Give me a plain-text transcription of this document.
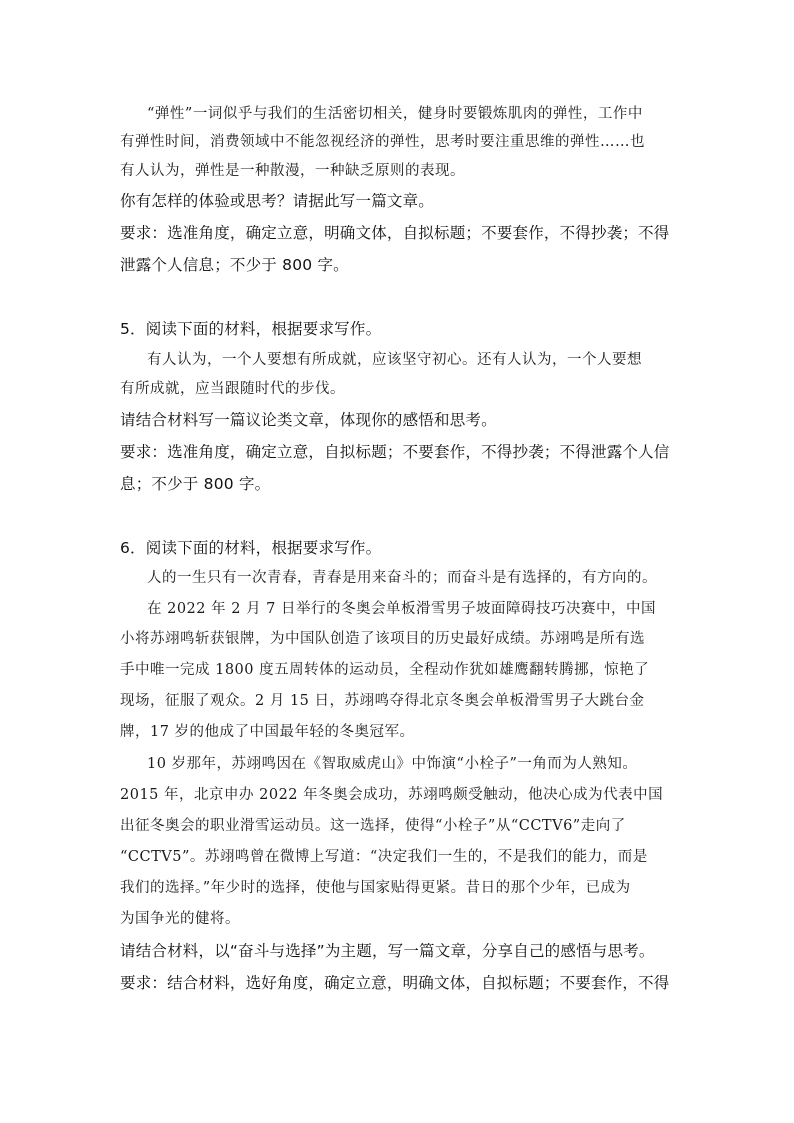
“弹性”一词似乎与我们的生活密切相关，健身时要锻炼肌肉的弹性，工作中

有弹性时间，消费领域中不能忽视经济的弹性，思考时要注重思维的弹性……也

有人认为，弹性是一种散漫，一种缺乏原则的表现。

你有怎样的体验或思考？请据此写一篇文章。

要求：选准角度，确定立意，明确文体，自拟标题；不要套作，不得抄袭；不得

泄露个人信息；不少于 800 字。

5．阅读下面的材料，根据要求写作。

有人认为，一个人要想有所成就，应该坚守初心。还有人认为，一个人要想

有所成就，应当跟随时代的步伐。

请结合材料写一篇议论类文章，体现你的感悟和思考。

要求：选准角度，确定立意，自拟标题；不要套作，不得抄袭；不得泄露个人信

息；不少于 800 字。

6．阅读下面的材料，根据要求写作。

人的一生只有一次青春，青春是用来奋斗的；而奋斗是有选择的，有方向的。

在 2022 年 2 月 7 日举行的冬奥会单板滑雪男子坡面障碍技巧决赛中，中国

小将苏翊鸣斩获银牌，为中国队创造了该项目的历史最好成绩。苏翊鸣是所有选

手中唯一完成 1800 度五周转体的运动员，全程动作犹如雄鹰翻转腾挪，惊艳了

现场，征服了观众。2 月 15 日，苏翊鸣夺得北京冬奥会单板滑雪男子大跳台金

牌，17 岁的他成了中国最年轻的冬奥冠军。

10 岁那年，苏翊鸣因在《智取威虎山》中饰演“小栓子”一角而为人熟知。

2015 年，北京申办 2022 年冬奥会成功，苏翊鸣颇受触动，他决心成为代表中国

出征冬奥会的职业滑雪运动员。这一选择，使得“小栓子”从“CCTV6”走向了

“CCTV5”。苏翊鸣曾在微博上写道：“决定我们一生的，不是我们的能力，而是

我们的选择。”年少时的选择，使他与国家贴得更紧。昔日的那个少年，已成为

为国争光的健将。

请结合材料，以“奋斗与选择”为主题，写一篇文章，分享自己的感悟与思考。

要求：结合材料，选好角度，确定立意，明确文体，自拟标题；不要套作，不得
